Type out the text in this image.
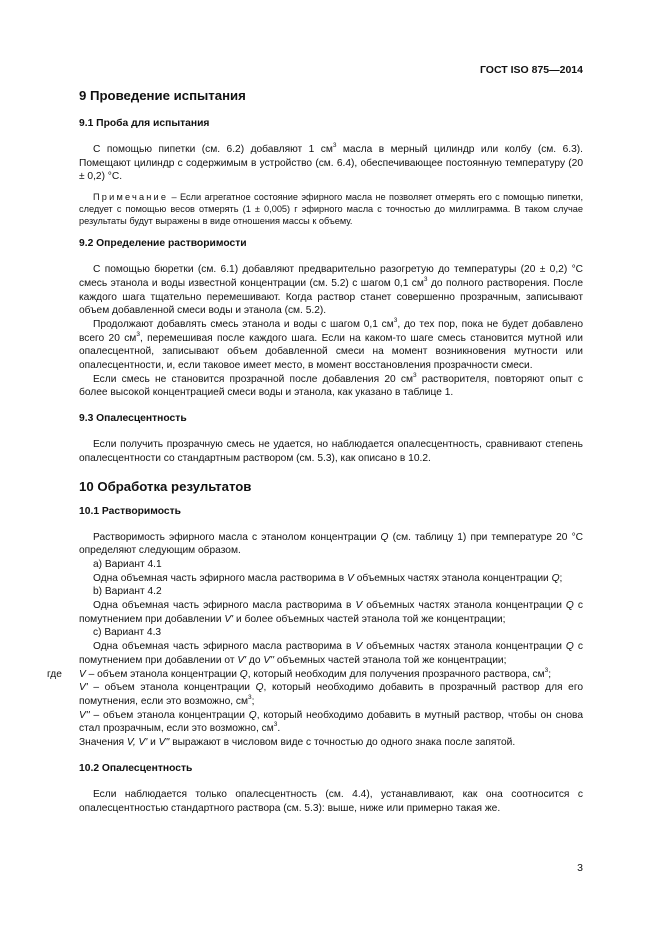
ГОСТ ISO 875—2014
9 Проведение испытания
9.1 Проба для испытания

С помощью пипетки (см. 6.2) добавляют 1 $см^3$ масла в мерный цилиндр или колбу (см. 6.3). Помещают цилиндр с содержимым в устройство (см. 6.4), обеспечивающее постоянную температуру (20 ± 0,2) °С.

Примечание – Если агрегатное состояние эфирного масла не позволяет отмерять его с помощью пипетки, следует с помощью весов отмерять (1 ± 0,005) г эфирного масла с точностью до миллиграмма. В таком случае результаты будут выражены в виде отношения массы к объему.

9.2 Определение растворимости

С помощью бюретки (см. 6.1) добавляют предварительно разогретую до температуры (20 ± 0,2) °С смесь этанола и воды известной концентрации (см. 5.2) с шагом 0,1 $см^3$ до полного растворения. После каждого шага тщательно перемешивают. Когда раствор станет совершенно прозрачным, записывают объем добавленной смеси воды и этанола (см. 5.2).

Продолжают добавлять смесь этанола и воды с шагом 0,1 $см^3$, до тех пор, пока не будет добавлено всего 20 $см^3$, перемешивая после каждого шага. Если на каком-то шаге смесь становится мутной или опалесцентной, записывают объем добавленной смеси на момент возникновения мутности или опалесцентности, и, если таковое имеет место, в момент восстановления прозрачности смеси.

Если смесь не становится прозрачной после добавления 20 $см^3$ растворителя, повторяют опыт с более высокой концентрацией смеси воды и этанола, как указано в таблице 1.

9.3 Опалесцентность

Если получить прозрачную смесь не удается, но наблюдается опалесцентность, сравнивают степень опалесцентности со стандартным раствором (см. 5.3), как описано в 10.2.

10 Обработка результатов
10.1 Растворимость

Растворимость эфирного масла с этанолом концентрации Q (см. таблицу 1) при температуре 20 °С определяют следующим образом.

a) Вариант 4.1

Одна объемная часть эфирного масла растворима в V объемных частях этанола концентрации Q;

b) Вариант 4.2

Одна объемная часть эфирного масла растворима в V объемных частях этанола концентрации Q с помутнением при добавлении V' и более объемных частей этанола той же концентрации;

c) Вариант 4.3

Одна объемная часть эфирного масла растворима в V объемных частях этанола концентрации Q с помутнением при добавлении от V' до V'' объемных частей этанола той же концентрации;

где V – объем этанола концентрации Q, который необходим для получения прозрачного раствора, $см^3$;

V' – объем этанола концентрации Q, который необходимо добавить в прозрачный раствор для его помутнения, если это возможно, $см^3$;

V'' – объем этанола концентрации Q, который необходимо добавить в мутный раствор, чтобы он снова стал прозрачным, если это возможно, $см^3$.

Значения V, V' и V'' выражают в числовом виде с точностью до одного знака после запятой.

10.2 Опалесцентность

Если наблюдается только опалесцентность (см. 4.4), устанавливают, как она соотносится с опалесцентностью стандартного раствора (см. 5.3): выше, ниже или примерно такая же.

3
